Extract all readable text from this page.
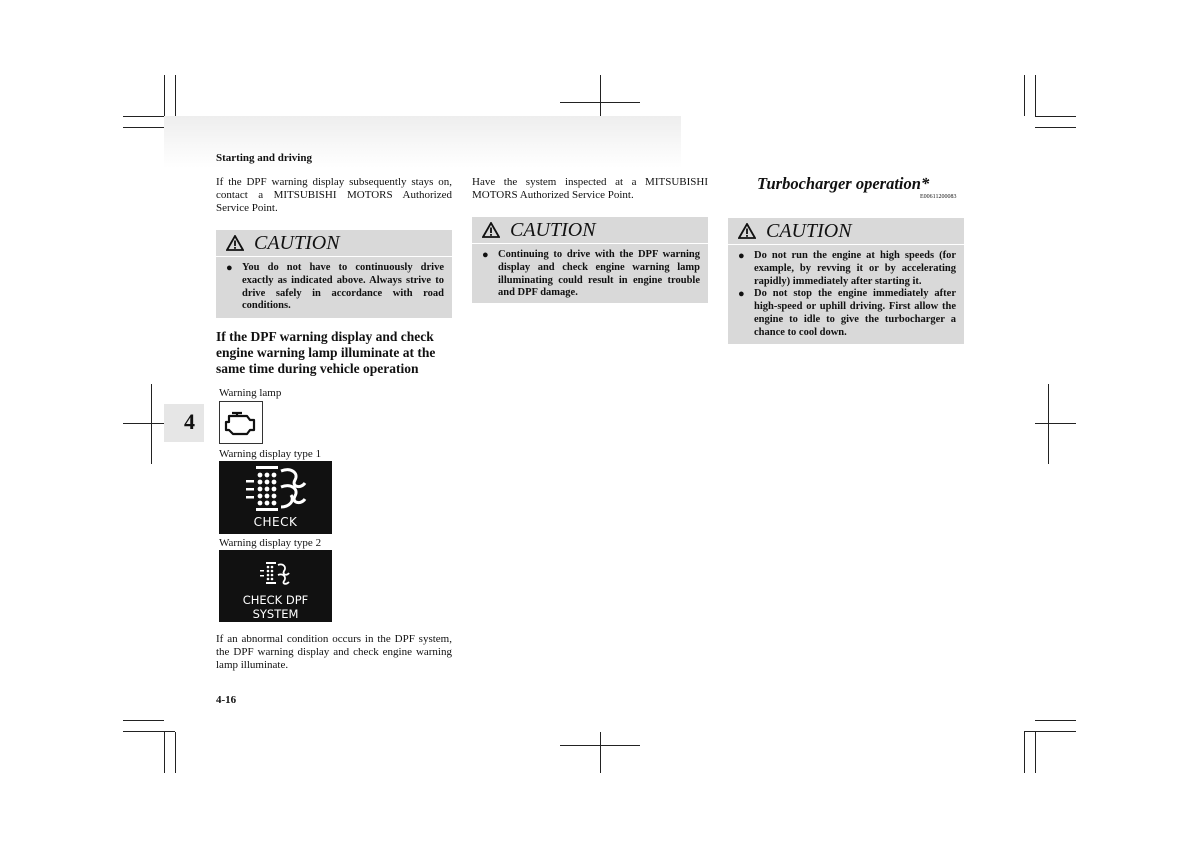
Starting and driving
4
If the DPF warning display subsequently stays on, contact a MITSUBISHI MOTORS Authorized Service Point.
CAUTION
● You do not have to continuously drive exactly as indicated above. Always strive to drive safely in accordance with road conditions.
If the DPF warning display and check engine warning lamp illuminate at the same time during vehicle operation
Warning lamp
Warning display type 1
CHECK
Warning display type 2
CHECK DPF SYSTEM
If an abnormal condition occurs in the DPF system, the DPF warning display and check engine warning lamp illuminate.
Have the system inspected at a MITSUBISHI MOTORS Authorized Service Point.
CAUTION
● Continuing to drive with the DPF warning display and check engine warning lamp illuminating could result in engine trouble and DPF damage.
Turbocharger operation*
E00611200083
CAUTION
● Do not run the engine at high speeds (for example, by revving it or by accelerating rapidly) immediately after starting it.
● Do not stop the engine immediately after high-speed or uphill driving. First allow the engine to idle to give the turbocharger a chance to cool down.
4-16
